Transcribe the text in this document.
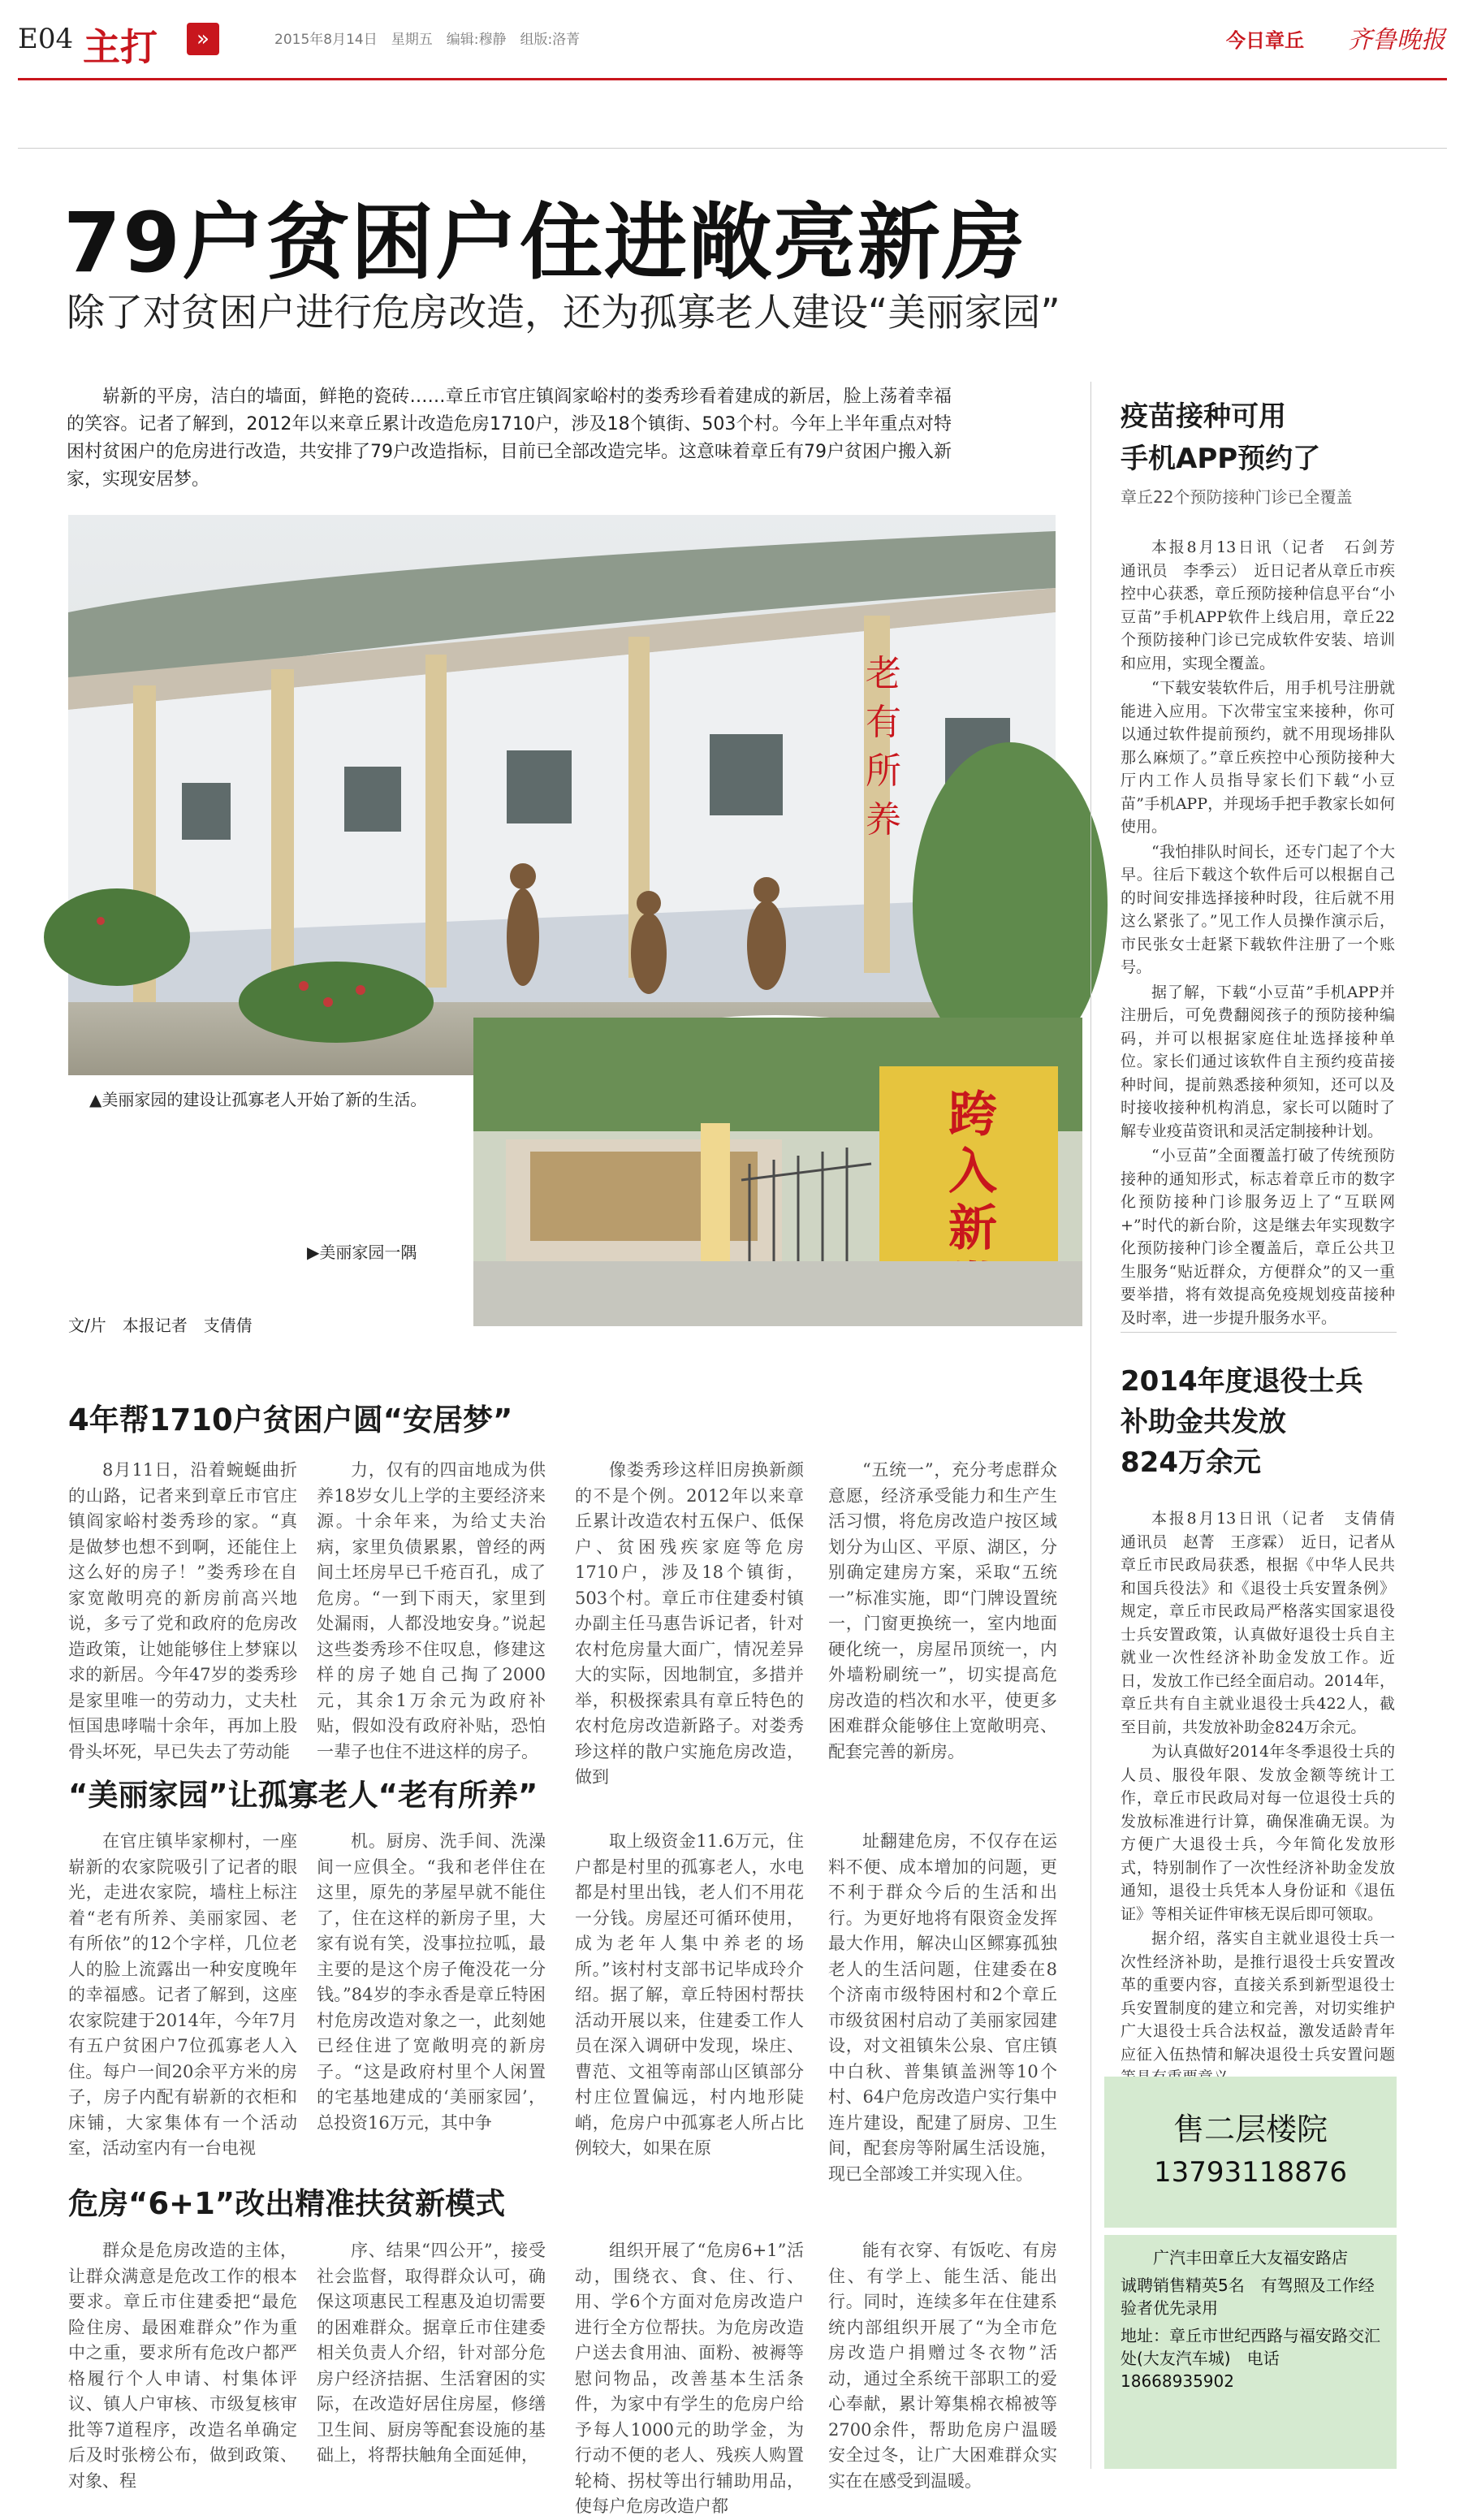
E04 主打	»	2015年8月14日　星期五　编辑:穆静　组版:洛菁	今日章丘 齐鲁晚报
79户贫困户住进敞亮新房
除了对贫困户进行危房改造，还为孤寡老人建设“美丽家园”
崭新的平房，洁白的墙面，鲜艳的瓷砖……章丘市官庄镇阎家峪村的娄秀珍看着建成的新居，脸上荡着幸福的笑容。记者了解到，2012年以来章丘累计改造危房1710户，涉及18个镇街、503个村。今年上半年重点对特困村贫困户的危房进行改造，共安排了79户改造指标，目前已全部改造完毕。这意味着章丘有79户贫困户搬入新家，实现安居梦。
老
有
所
养
▲美丽家园的建设让孤寡老人开始了新的生活。	跨
入
新
▶美丽家园一隅
文/片　本报记者　支倩倩
4年帮1710户贫困户圆“安居梦”
8月11日，沿着蜿蜒曲折的山路，记者来到章丘市官庄镇阎家峪村娄秀珍的家。“真是做梦也想不到啊，还能住上这么好的房子！”娄秀珍在自家宽敞明亮的新房前高兴地说，多亏了党和政府的危房改造政策，让她能够住上梦寐以求的新居。今年47岁的娄秀珍是家里唯一的劳动力，丈夫杜恒国患哮喘十余年，再加上股骨头坏死，早已失去了劳动能
力，仅有的四亩地成为供养18岁女儿上学的主要经济来源。十余年来，为给丈夫治病，家里负债累累，曾经的两间土坯房早已千疮百孔，成了危房。“一到下雨天，家里到处漏雨，人都没地安身。”说起这些娄秀珍不住叹息，修建这样的房子她自己掏了2000元，其余1万余元为政府补贴，假如没有政府补贴，恐怕一辈子也住不进这样的房子。
像娄秀珍这样旧房换新颜的不是个例。2012年以来章丘累计改造农村五保户、低保户、贫困残疾家庭等危房1710户，涉及18个镇街，503个村。章丘市住建委村镇办副主任马惠告诉记者，针对农村危房量大面广，情况差异大的实际，因地制宜，多措并举，积极探索具有章丘特色的农村危房改造新路子。对娄秀珍这样的散户实施危房改造，做到
“五统一”，充分考虑群众意愿，经济承受能力和生产生活习惯，将危房改造户按区域划分为山区、平原、湖区，分别确定建房方案，采取“五统一”标准实施，即“门牌设置统一，门窗更换统一，室内地面硬化统一，房屋吊顶统一，内外墙粉刷统一”，切实提高危房改造的档次和水平，使更多困难群众能够住上宽敞明亮、配套完善的新房。
“美丽家园”让孤寡老人“老有所养”
在官庄镇毕家柳村，一座崭新的农家院吸引了记者的眼光，走进农家院，墙柱上标注着“老有所养、美丽家园、老有所依”的12个字样，几位老人的脸上流露出一种安度晚年的幸福感。记者了解到，这座农家院建于2014年，今年7月有五户贫困户7位孤寡老人入住。每户一间20余平方米的房子，房子内配有崭新的衣柜和床铺，大家集体有一个活动室，活动室内有一台电视
机。厨房、洗手间、洗澡间一应俱全。“我和老伴住在这里，原先的茅屋早就不能住了，住在这样的新房子里，大家有说有笑，没事拉拉呱，最主要的是这个房子俺没花一分钱。”84岁的李永香是章丘特困村危房改造对象之一，此刻她已经住进了宽敞明亮的新房子。“这是政府村里个人闲置的宅基地建成的‘美丽家园’，总投资16万元，其中争
取上级资金11.6万元，住户都是村里的孤寡老人，水电都是村里出钱，老人们不用花一分钱。房屋还可循环使用，成为老年人集中养老的场所。”该村村支部书记毕成玲介绍。据了解，章丘特困村帮扶活动开展以来，住建委工作人员在深入调研中发现，垛庄、曹范、文祖等南部山区镇部分村庄位置偏远，村内地形陡峭，危房户中孤寡老人所占比例较大，如果在原
址翻建危房，不仅存在运料不便、成本增加的问题，更不利于群众今后的生活和出行。为更好地将有限资金发挥最大作用，解决山区鳏寡孤独老人的生活问题，住建委在8个济南市级特困村和2个章丘市级贫困村启动了美丽家园建设，对文祖镇朱公泉、官庄镇中白秋、普集镇盖洲等10个村、64户危房改造户实行集中连片建设，配建了厨房、卫生间，配套房等附属生活设施，现已全部竣工并实现入住。
危房“6+1”改出精准扶贫新模式
群众是危房改造的主体，让群众满意是危改工作的根本要求。章丘市住建委把“最危险住房、最困难群众”作为重中之重，要求所有危改户都严格履行个人申请、村集体评议、镇人户审核、市级复核审批等7道程序，改造名单确定后及时张榜公布，做到政策、对象、程
序、结果“四公开”，接受社会监督，取得群众认可，确保这项惠民工程惠及迫切需要的困难群众。据章丘市住建委相关负责人介绍，针对部分危房户经济拮据、生活窘困的实际，在改造好居住房屋，修缮卫生间、厨房等配套设施的基础上，将帮扶触角全面延伸，
组织开展了“危房6+1”活动，围绕衣、食、住、行、用、学6个方面对危房改造户进行全方位帮扶。为危房改造户送去食用油、面粉、被褥等慰问物品，改善基本生活条件，为家中有学生的危房户给予每人1000元的助学金，为行动不便的老人、残疾人购置轮椅、拐杖等出行辅助用品，使每户危房改造户都
能有衣穿、有饭吃、有房住、有学上、能生活、能出行。同时，连续多年在住建系统内部组织开展了“为全市危房改造户捐赠过冬衣物”活动，通过全系统干部职工的爱心奉献，累计筹集棉衣棉被等2700余件，帮助危房户温暖安全过冬，让广大困难群众实实在在感受到温暖。
疫苗接种可用
手机APP预约了
章丘22个预防接种门诊已全覆盖

本报8月13日讯（记者　石剑芳　通讯员　李季云）　近日记者从章丘市疾控中心获悉，章丘预防接种信息平台“小豆苗”手机APP软件上线启用，章丘22个预防接种门诊已完成软件安装、培训和应用，实现全覆盖。

“下载安装软件后，用手机号注册就能进入应用。下次带宝宝来接种，你可以通过软件提前预约，就不用现场排队那么麻烦了。”章丘疾控中心预防接种大厅内工作人员指导家长们下载“小豆苗”手机APP，并现场手把手教家长如何使用。

“我怕排队时间长，还专门起了个大早。往后下载这个软件后可以根据自己的时间安排选择接种时段，往后就不用这么紧张了。”见工作人员操作演示后，市民张女士赶紧下载软件注册了一个账号。

据了解，下载“小豆苗”手机APP并注册后，可免费翻阅孩子的预防接种编码，并可以根据家庭住址选择接种单位。家长们通过该软件自主预约疫苗接种时间，提前熟悉接种须知，还可以及时接收接种机构消息，家长可以随时了解专业疫苗资讯和灵活定制接种计划。

“小豆苗”全面覆盖打破了传统预防接种的通知形式，标志着章丘市的数字化预防接种门诊服务迈上了“互联网+”时代的新台阶，这是继去年实现数字化预防接种门诊全覆盖后，章丘公共卫生服务“贴近群众，方便群众”的又一重要举措，将有效提高免疫规划疫苗接种及时率，进一步提升服务水平。

本　　　
2014年度退役士兵
补助金共发放
824万余元

本报8月13日讯（记者　支倩倩　通讯员　赵菁　王彦霖）　近日，记者从章丘市民政局获悉，根据《中华人民共和国兵役法》和《退役士兵安置条例》规定，章丘市民政局严格落实国家退役士兵安置政策，认真做好退役士兵自主就业一次性经济补助金发放工作。近日，发放工作已经全面启动。2014年，章丘共有自主就业退役士兵422人，截至目前，共发放补助金824万余元。

为认真做好2014年冬季退役士兵的人员、服役年限、发放金额等统计工作，章丘市民政局对每一位退役士兵的发放标准进行计算，确保准确无误。为方便广大退役士兵，今年简化发放形式，特别制作了一次性经济补助金发放通知，退役士兵凭本人身份证和《退伍证》等相关证件审核无误后即可领取。

据介绍，落实自主就业退役士兵一次性经济补助，是推行退役士兵安置改革的重要内容，直接关系到新型退役士兵安置制度的建立和完善，对切实维护广大退役士兵合法权益，激发适龄青年应征入伍热情和解决退役士兵安置问题

售二层楼院
13793118876
广汽丰田章丘大友福安路店
诚聘销售精英5名　有驾照及工作经验者优先录用
地址：章丘市世纪西路与福安路交汇处(大友汽车城)　电话
18668935902
